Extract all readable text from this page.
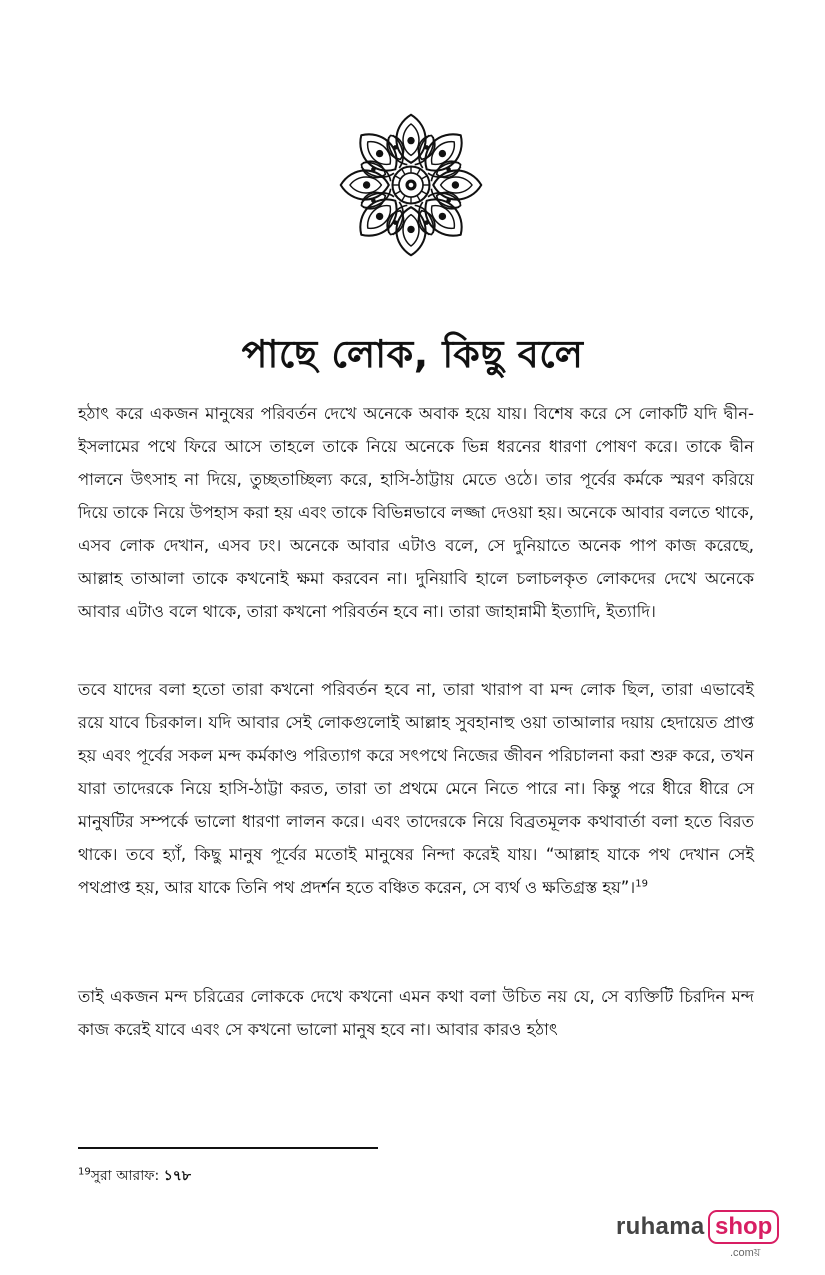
পাছে লোক, কিছু বলে

হঠাৎ করে একজন মানুষের পরিবর্তন দেখে অনেকে অবাক হয়ে যায়। বিশেষ করে সে লোকটি যদি দ্বীন-ইসলামের পথে ফিরে আসে তাহলে তাকে নিয়ে অনেকে ভিন্ন ধরনের ধারণা পোষণ করে। তাকে দ্বীন পালনে উৎসাহ না দিয়ে, তুচ্ছতাচ্ছিল্য করে, হাসি-ঠাট্টায় মেতে ওঠে। তার পূর্বের কর্মকে স্মরণ করিয়ে দিয়ে তাকে নিয়ে উপহাস করা হয় এবং তাকে বিভিন্নভাবে লজ্জা দেওয়া হয়। অনেকে আবার বলতে থাকে, এসব লোক দেখান, এসব ঢং। অনেকে আবার এটাও বলে, সে দুনিয়াতে অনেক পাপ কাজ করেছে, আল্লাহ তাআলা তাকে কখনোই ক্ষমা করবেন না। দুনিয়াবি হালে চলাচলকৃত লোকদের দেখে অনেকে আবার এটাও বলে থাকে, তারা কখনো পরিবর্তন হবে না। তারা জাহান্নামী ইত্যাদি, ইত্যাদি।

তবে যাদের বলা হতো তারা কখনো পরিবর্তন হবে না, তারা খারাপ বা মন্দ লোক ছিল, তারা এভাবেই রয়ে যাবে চিরকাল। যদি আবার সেই লোকগুলোই আল্লাহ সুবহানাহু ওয়া তাআলার দয়ায় হেদায়েত প্রাপ্ত হয় এবং পূর্বের সকল মন্দ কর্মকাণ্ড পরিত্যাগ করে সৎপথে নিজের জীবন পরিচালনা করা শুরু করে, তখন যারা তাদেরকে নিয়ে হাসি-ঠাট্টা করত, তারা তা প্রথমে মেনে নিতে পারে না। কিন্তু পরে ধীরে ধীরে সে মানুষটির সম্পর্কে ভালো ধারণা লালন করে। এবং তাদেরকে নিয়ে বিব্রতমূলক কথাবার্তা বলা হতে বিরত থাকে। তবে হ্যাঁ, কিছু মানুষ পূর্বের মতোই মানুষের নিন্দা করেই যায়। “আল্লাহ যাকে পথ দেখান সেই পথপ্রাপ্ত হয়, আর যাকে তিনি পথ প্রদর্শন হতে বঞ্চিত করেন, সে ব্যর্থ ও ক্ষতিগ্রস্ত হয়”।$^{19}$

তাই একজন মন্দ চরিত্রের লোককে দেখে কখনো এমন কথা বলা উচিত নয় যে, সে ব্যক্তিটি চিরদিন মন্দ কাজ করেই যাবে এবং সে কখনো ভালো মানুষ হবে না। আবার কারও হঠাৎ

$^{19}$সুরা আরাফ: ১৭৮
ruhama shop
.comয়
